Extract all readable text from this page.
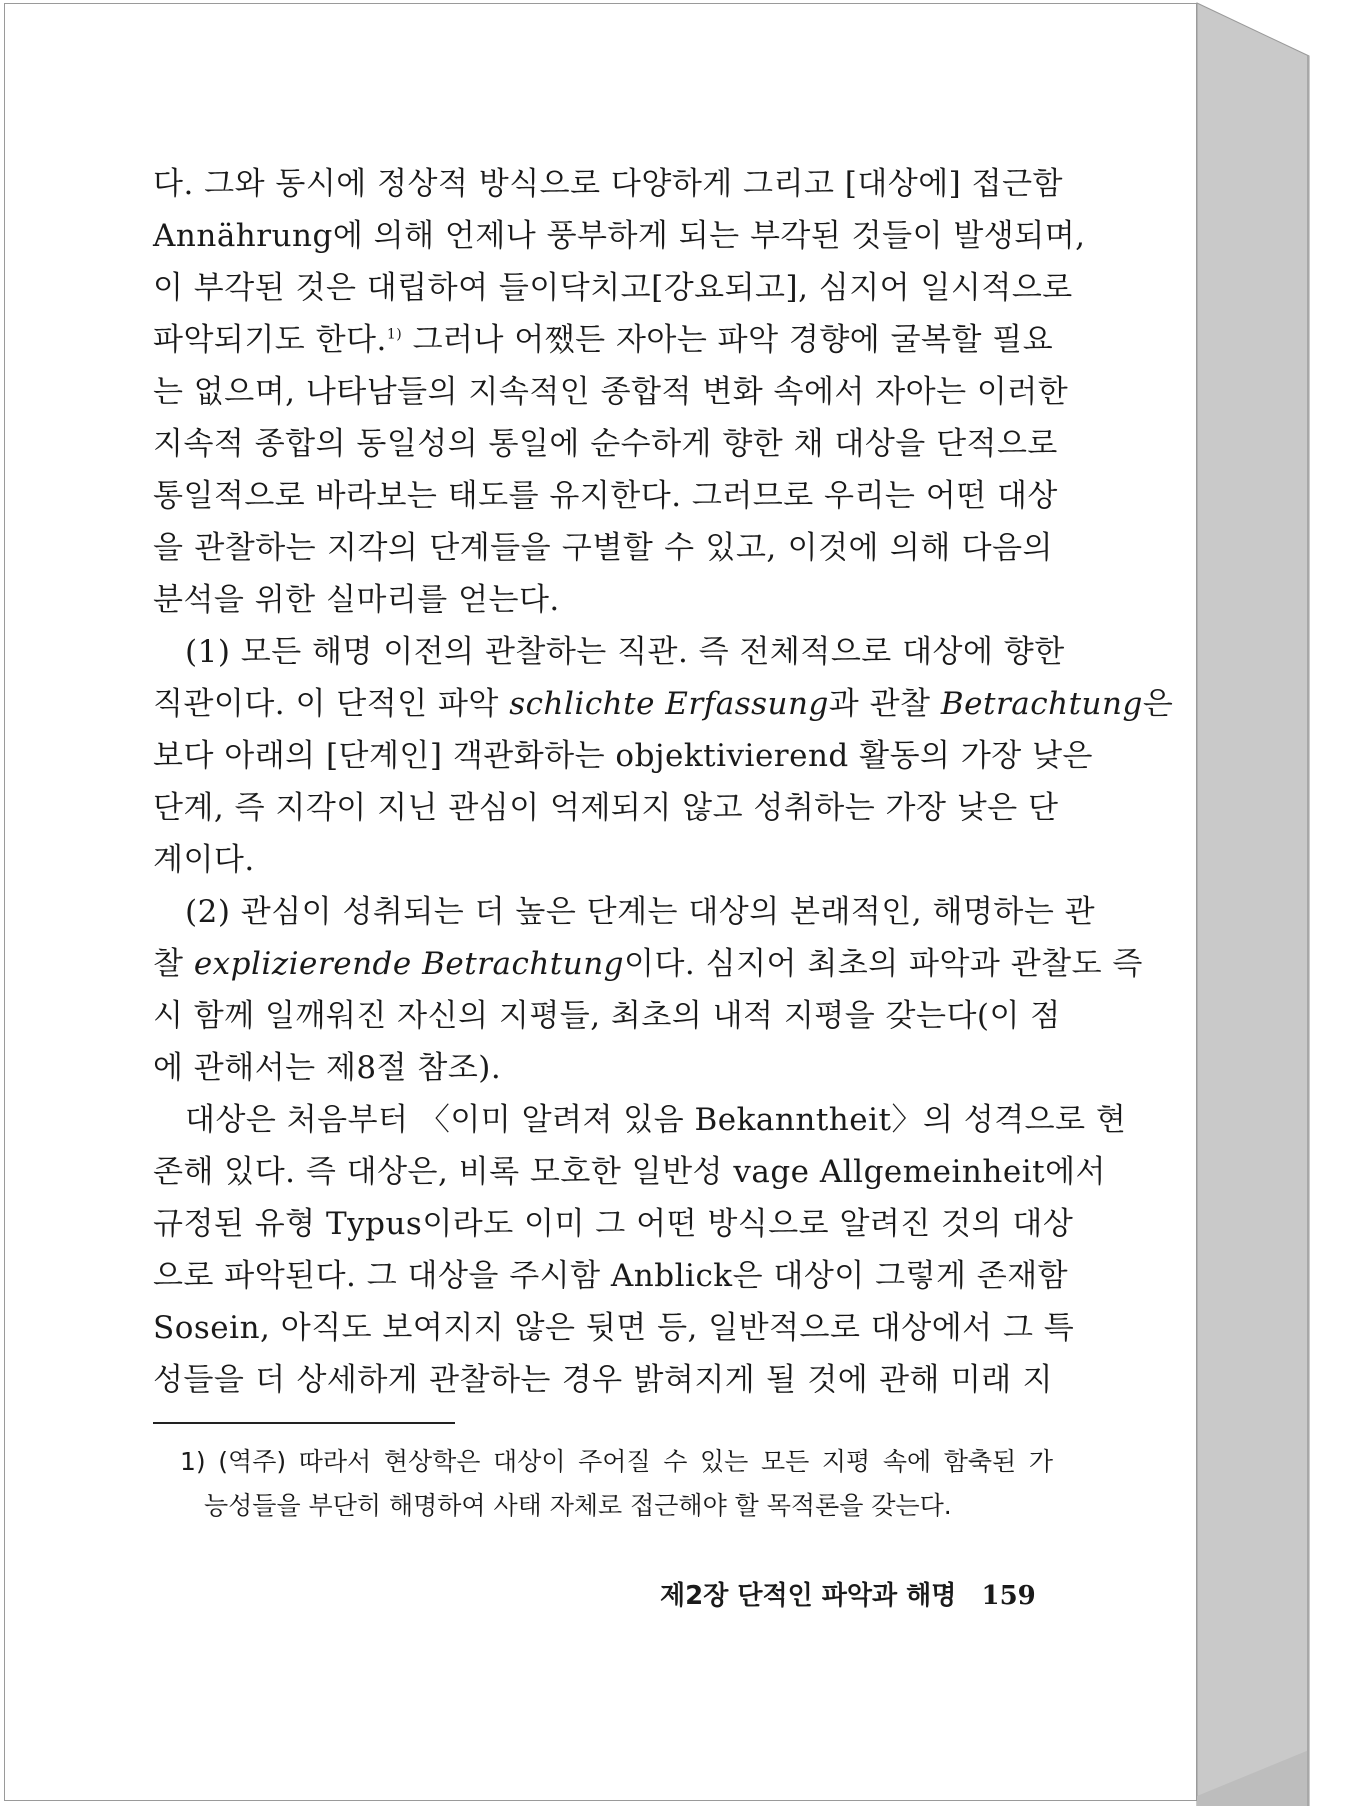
다. 그와 동시에 정상적 방식으로 다양하게 그리고 [대상에] 접근함
Annährung에 의해 언제나 풍부하게 되는 부각된 것들이 발생되며,
이 부각된 것은 대립하여 들이닥치고[강요되고], 심지어 일시적으로
파악되기도 한다.$^{1)}$ 그러나 어쨌든 자아는 파악 경향에 굴복할 필요
는 없으며, 나타남들의 지속적인 종합적 변화 속에서 자아는 이러한
지속적 종합의 동일성의 통일에 순수하게 향한 채 대상을 단적으로
통일적으로 바라보는 태도를 유지한다. 그러므로 우리는 어떤 대상
을 관찰하는 지각의 단계들을 구별할 수 있고, 이것에 의해 다음의
분석을 위한 실마리를 얻는다.
(1) 모든 해명 이전의 관찰하는 직관. 즉 전체적으로 대상에 향한
직관이다. 이 단적인 파악 schlichte Erfassung과 관찰 Betrachtung은
보다 아래의 [단계인] 객관화하는 objektivierend 활동의 가장 낮은
단계, 즉 지각이 지닌 관심이 억제되지 않고 성취하는 가장 낮은 단
계이다.
(2) 관심이 성취되는 더 높은 단계는 대상의 본래적인, 해명하는 관
찰 explizierende Betrachtung이다. 심지어 최초의 파악과 관찰도 즉
시 함께 일깨워진 자신의 지평들, 최초의 내적 지평을 갖는다(이 점
에 관해서는 제8절 참조).
대상은 처음부터 〈이미 알려져 있음 Bekanntheit〉의 성격으로 현
존해 있다. 즉 대상은, 비록 모호한 일반성 vage Allgemeinheit에서
규정된 유형 Typus이라도 이미 그 어떤 방식으로 알려진 것의 대상
으로 파악된다. 그 대상을 주시함 Anblick은 대상이 그렇게 존재함
Sosein, 아직도 보여지지 않은 뒷면 등, 일반적으로 대상에서 그 특
성들을 더 상세하게 관찰하는 경우 밝혀지게 될 것에 관해 미래 지
1) (역주) 따라서 현상학은 대상이 주어질 수 있는 모든 지평 속에 함축된 가
능성들을 부단히 해명하여 사태 자체로 접근해야 할 목적론을 갖는다.
제2장 단적인 파악과 해명 159
